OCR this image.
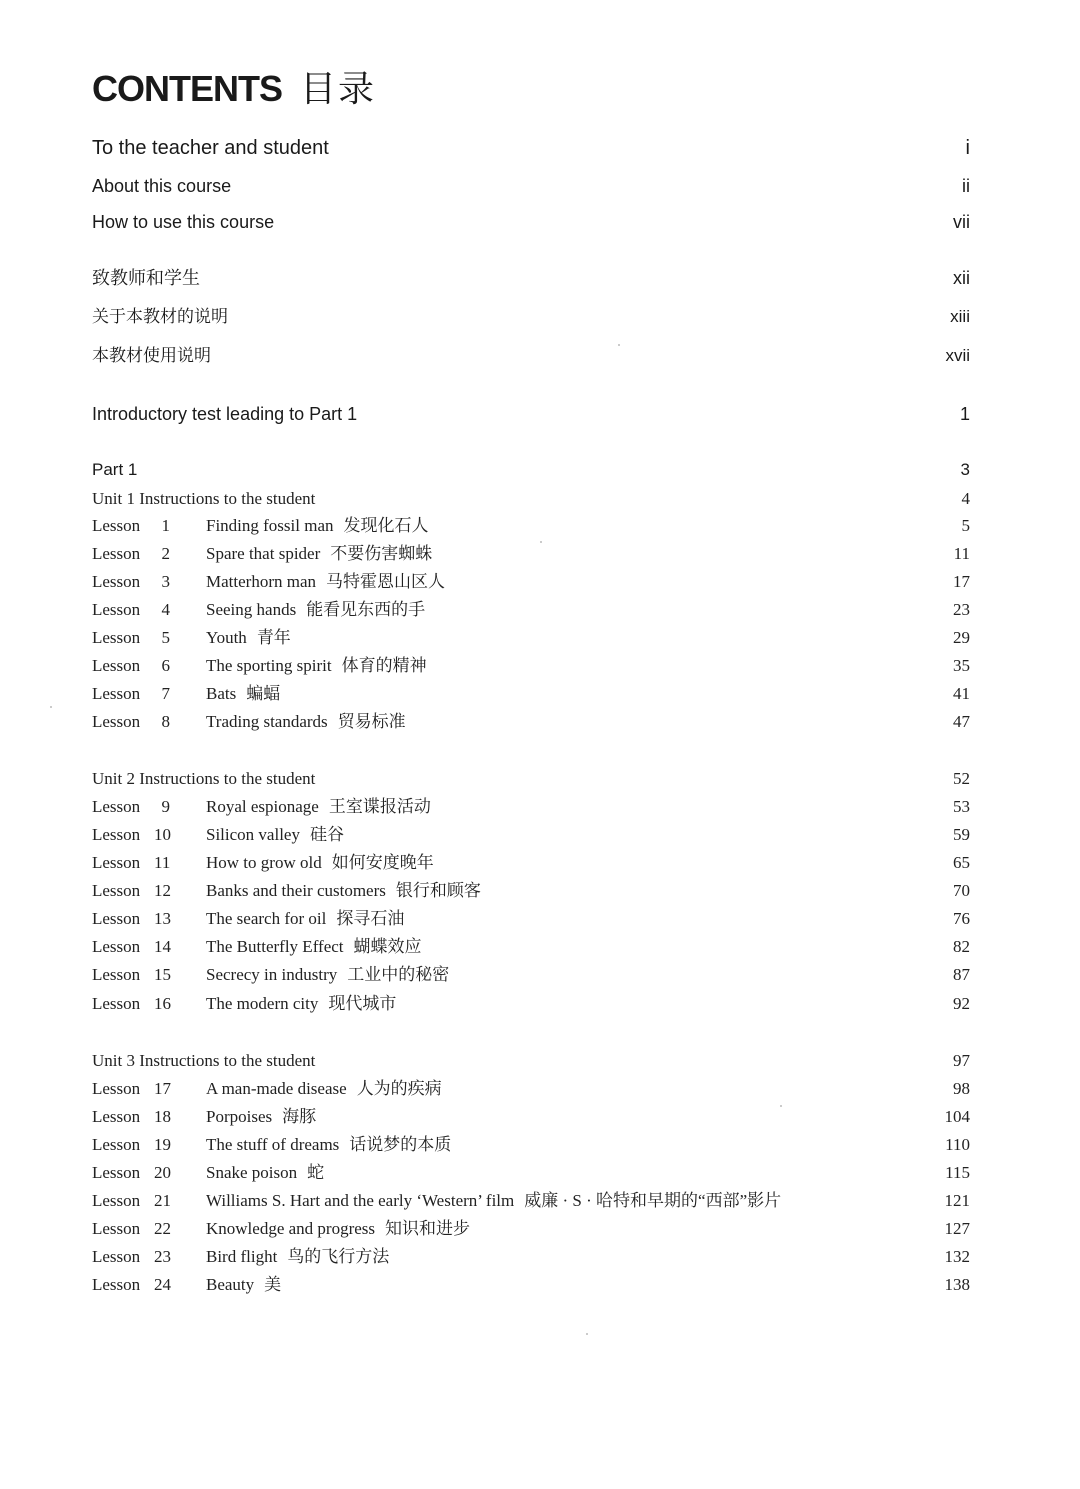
CONTENTS 目录
To the teacher and student	i
About this course	ii
How to use this course	vii
致教师和学生	xii
关于本教材的说明	xiii
本教材使用说明	xvii
Introductory test leading to Part 1	1
Part 1	3
Unit 1 Instructions to the student	4
Lesson	1 Finding fossil man 发现化石人	5
Lesson	2 Spare that spider 不要伤害蜘蛛	11
Lesson	3 Matterhorn man 马特霍恩山区人	17
Lesson	4 Seeing hands 能看见东西的手	23
Lesson	5 Youth 青年	29
Lesson	6 The sporting spirit 体育的精神	35
Lesson	7 Bats 蝙蝠	41
Lesson	8 Trading standards 贸易标准	47
Unit 2 Instructions to the student	52
Lesson	9 Royal espionage 王室谍报活动	53
Lesson 10 Silicon valley 硅谷	59
Lesson 11 How to grow old 如何安度晚年	65
Lesson 12 Banks and their customers 银行和顾客	70
Lesson 13 The search for oil 探寻石油	76
Lesson 14 The Butterfly Effect 蝴蝶效应	82
Lesson 15 Secrecy in industry 工业中的秘密	87
Lesson 16 The modern city 现代城市	92
Unit 3 Instructions to the student	97
Lesson 17 A man-made disease 人为的疾病	98
Lesson 18 Porpoises 海豚	104
Lesson 19 The stuff of dreams 话说梦的本质	110
Lesson 20 Snake poison 蛇	115
Lesson 21 Williams S. Hart and the early ‘Western’ film 威廉 · S · 哈特和早期的“西部”影片	121
Lesson 22 Knowledge and progress 知识和进步	127
Lesson 23 Bird flight 鸟的飞行方法	132
Lesson 24 Beauty 美	138
